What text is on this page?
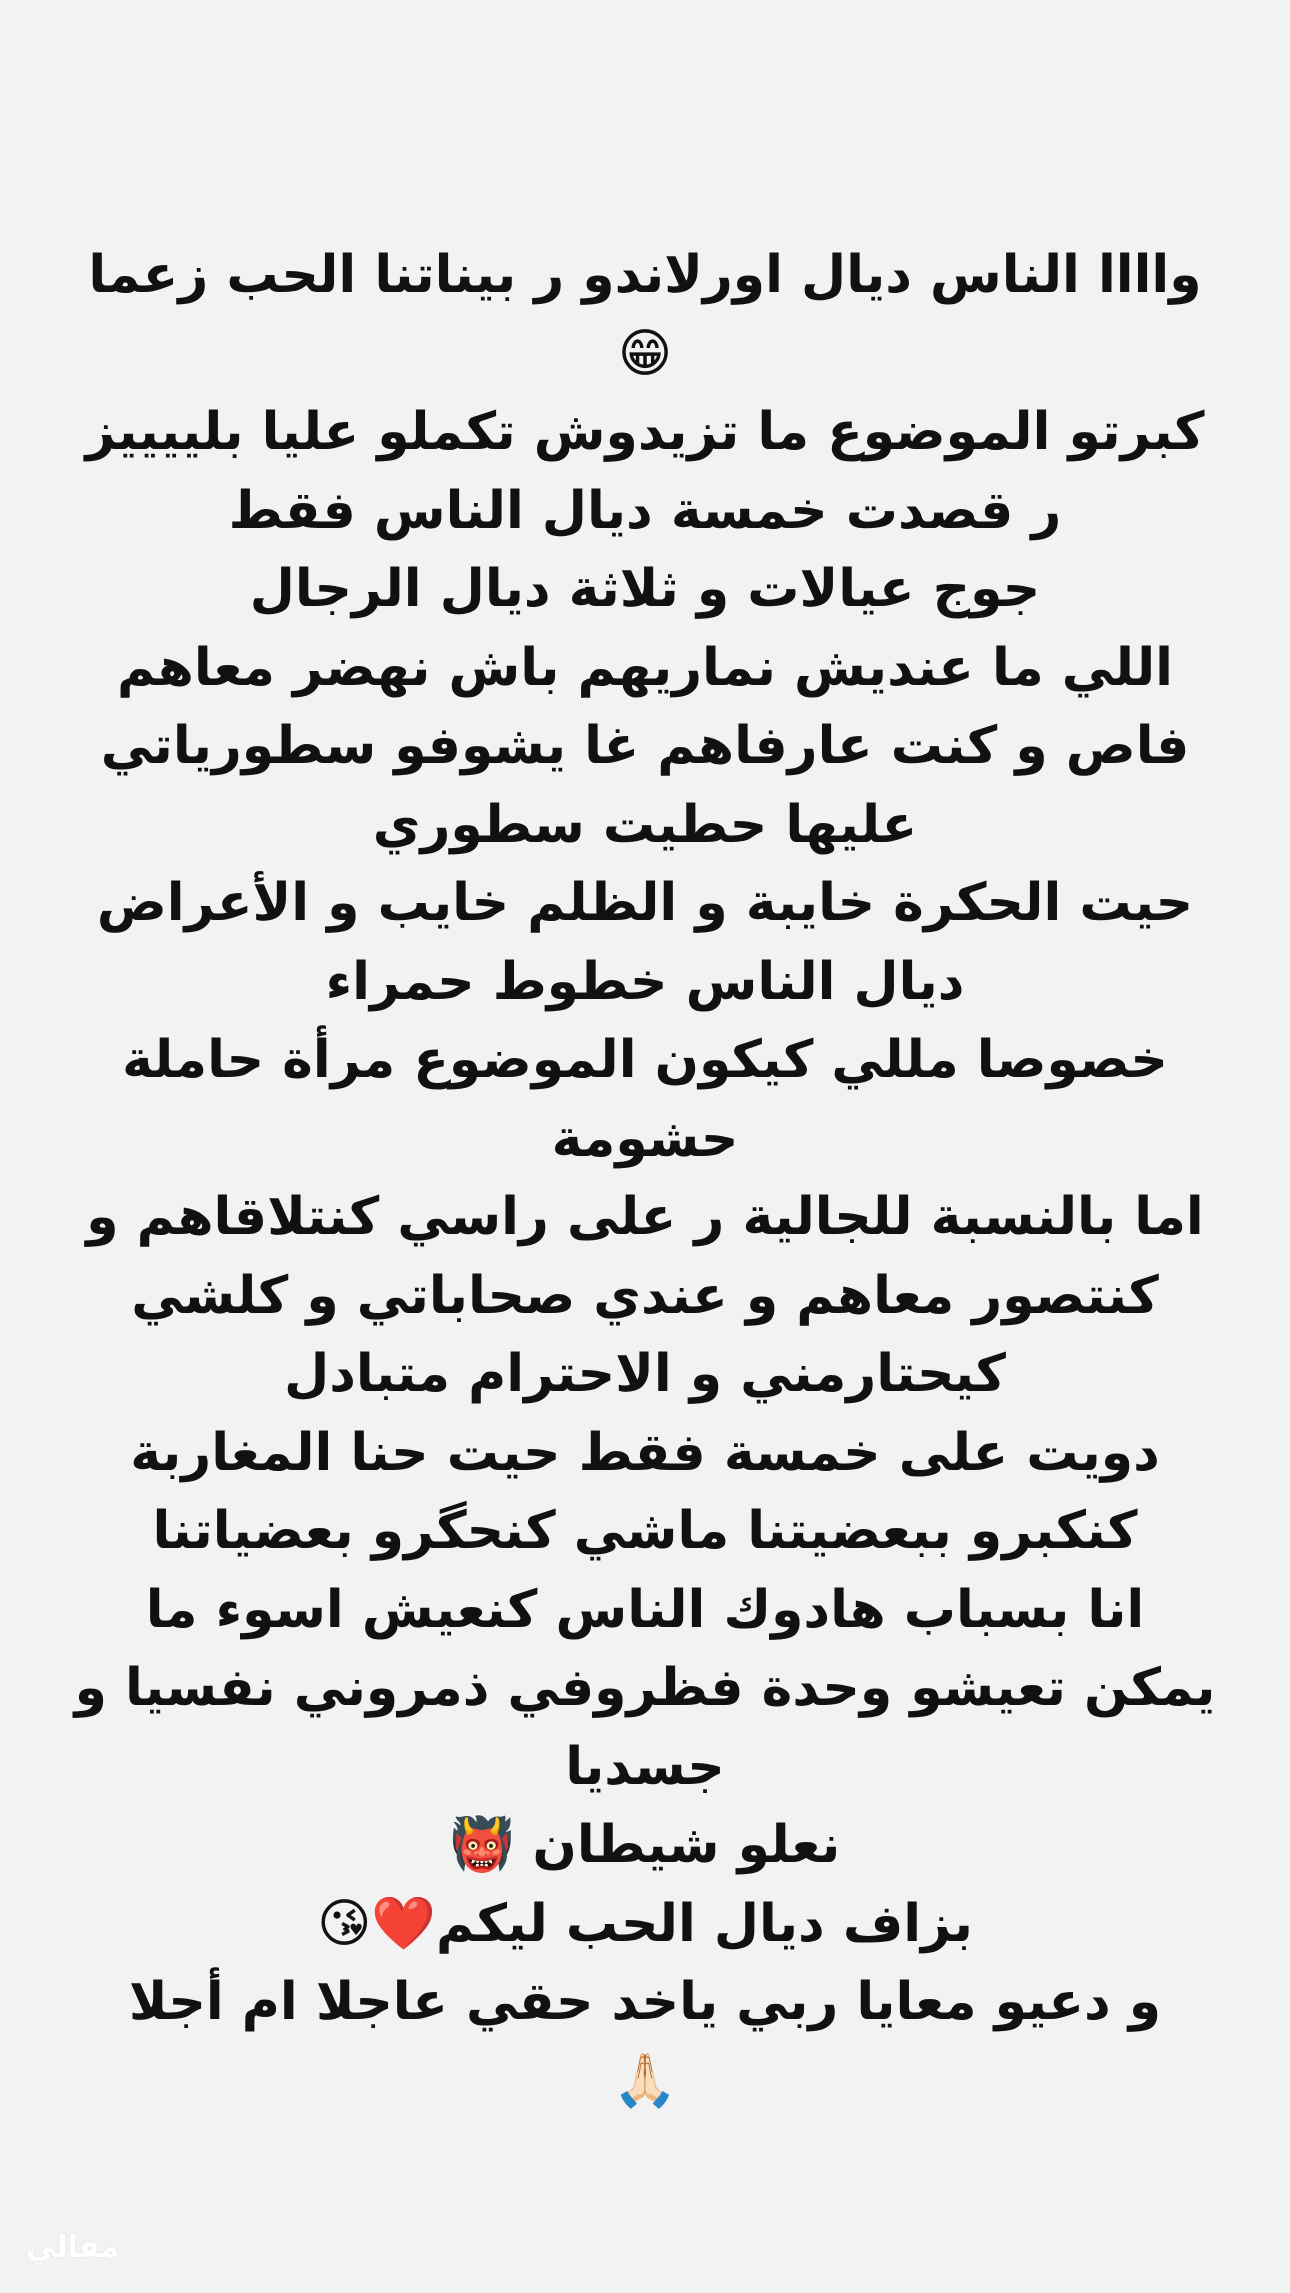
واااا الناس ديال اورلاندو ر بيناتنا الحب زعما
😁
كبرتو الموضوع ما تزيدوش تكملو عليا بلييييز
ر قصدت خمسة ديال الناس فقط
جوج عيالات و ثلاثة ديال الرجال
اللي ما عنديش نماريهم باش نهضر معاهم
فاص و كنت عارفاهم غا يشوفو سطورياتي
عليها حطيت سطوري
حيت الحكرة خايبة و الظلم خايب و الأعراض
ديال الناس خطوط حمراء
خصوصا مللي كيكون الموضوع مرأة حاملة
حشومة
اما بالنسبة للجالية ر على راسي كنتلاقاهم و
كنتصور معاهم و عندي صحاباتي و كلشي
كيحتارمني و الاحترام متبادل
دويت على خمسة فقط حيت حنا المغاربة
كنكبرو ببعضيتنا ماشي كنحگرو بعضياتنا
انا بسباب هادوك الناس كنعيش اسوء ما
يمكن تعيشو وحدة فظروفي ذمروني نفسيا و
جسديا
نعلو شيطان 👹
بزاف ديال الحب ليكم❤️😘
و دعيو معايا ربي ياخد حقي عاجلا ام أجلا
🙏🏻
مقالي
